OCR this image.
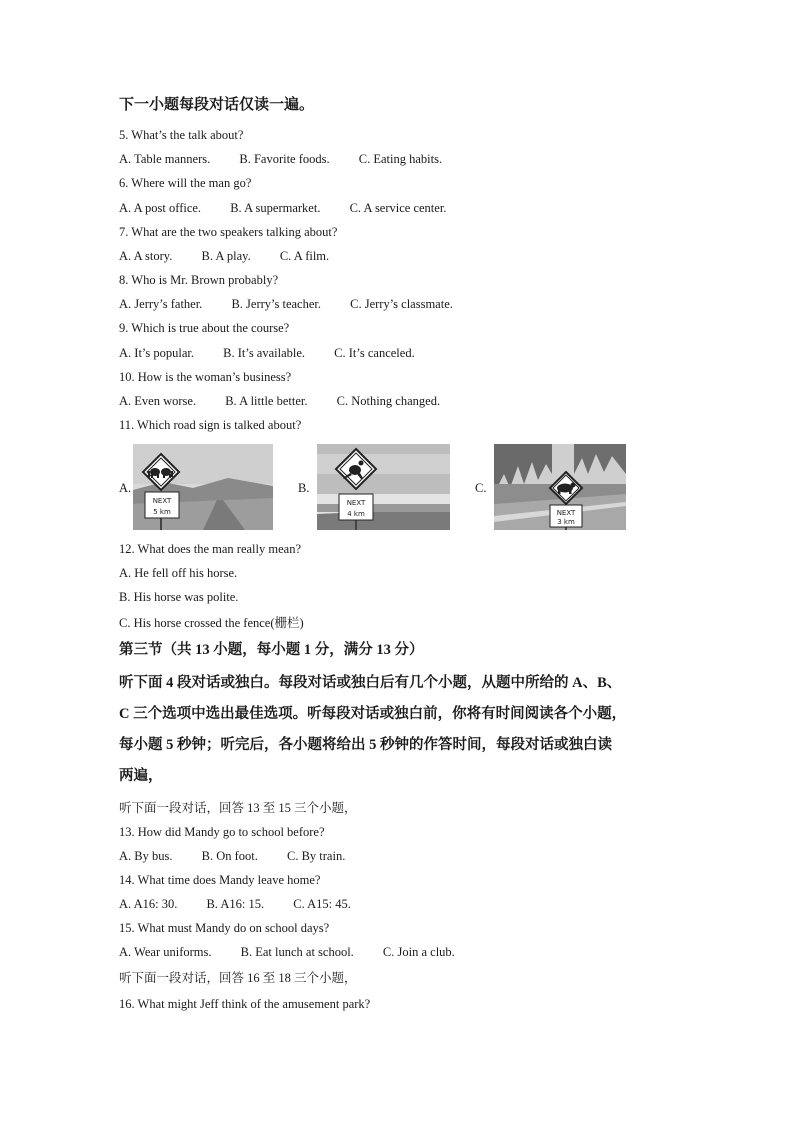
下一小题每段对话仅读一遍。
5. What’s the talk about?
A. Table manners. B. Favorite foods. C. Eating habits.
6. Where will the man go?
A. A post office. B. A supermarket. C. A service center.
7. What are the two speakers talking about?
A. A story. B. A play. C. A film.
8. Who is Mr. Brown probably?
A. Jerry’s father. B. Jerry’s teacher. C. Jerry’s classmate.
9. Which is true about the course?
A. It’s popular. B. It’s available. C. It’s canceled.
10. How is the woman’s business?
A. Even worse. B. A little better. C. Nothing changed.
11. Which road sign is talked about?
A.
NEXT
5 km
B.
NEXT
4 km
C.
NEXT
3 km
12. What does the man really mean?
A. He fell off his horse.
B. His horse was polite.
C. His horse crossed the fence(栅栏)
第三节（共 13 小题，每小题 1 分，满分 13 分）
听下面 4 段对话或独白。每段对话或独白后有几个小题，从题中所给的 A、B、
C 三个选项中选出最佳选项。听每段对话或独白前，你将有时间阅读各个小题，
每小题 5 秒钟；听完后，各小题将给出 5 秒钟的作答时间，每段对话或独白读
两遍，
听下面一段对话，回答 13 至 15 三个小题，
13. How did Mandy go to school before?
A. By bus. B. On foot. C. By train.
14. What time does Mandy leave home?
A. A16: 30. B. A16: 15. C. A15: 45.
15. What must Mandy do on school days?
A. Wear uniforms. B. Eat lunch at school. C. Join a club.
听下面一段对话，回答 16 至 18 三个小题，
16. What might Jeff think of the amusement park?
